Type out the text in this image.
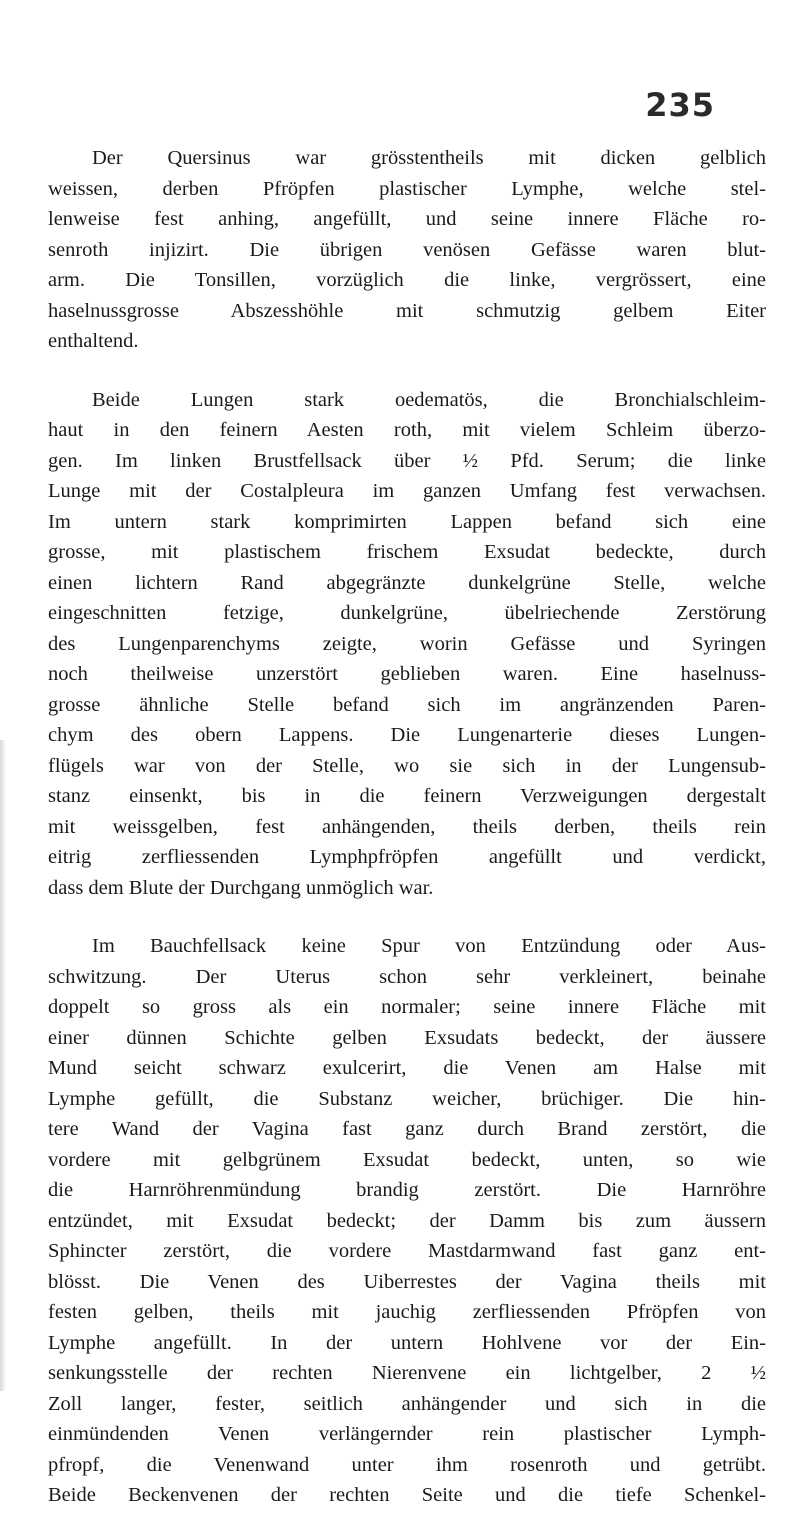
235

Der Quersinus war grösstentheils mit dicken gelblich
weissen, derben Pfröpfen plastischer Lymphe, welche stel-
lenweise fest anhing, angefüllt, und seine innere Fläche ro-
senroth injizirt. Die übrigen venösen Gefässe waren blut-
arm. Die Tonsillen, vorzüglich die linke, vergrössert, eine
haselnussgrosse Abszesshöhle mit schmutzig gelbem Eiter
enthaltend.

Beide Lungen stark oedematös, die Bronchialschleim-
haut in den feinern Aesten roth, mit vielem Schleim überzo-
gen. Im linken Brustfellsack über ½ Pfd. Serum; die linke
Lunge mit der Costalpleura im ganzen Umfang fest verwachsen.
Im untern stark komprimirten Lappen befand sich eine
grosse, mit plastischem frischem Exsudat bedeckte, durch
einen lichtern Rand abgegränzte dunkelgrüne Stelle, welche
eingeschnitten fetzige, dunkelgrüne, übelriechende Zerstörung
des Lungenparenchyms zeigte, worin Gefässe und Syringen
noch theilweise unzerstört geblieben waren. Eine haselnuss-
grosse ähnliche Stelle befand sich im angränzenden Paren-
chym des obern Lappens. Die Lungenarterie dieses Lungen-
flügels war von der Stelle, wo sie sich in der Lungensub-
stanz einsenkt, bis in die feinern Verzweigungen dergestalt
mit weissgelben, fest anhängenden, theils derben, theils rein
eitrig zerfliessenden Lymphpfröpfen angefüllt und verdickt,
dass dem Blute der Durchgang unmöglich war.

Im Bauchfellsack keine Spur von Entzündung oder Aus-
schwitzung. Der Uterus schon sehr verkleinert, beinahe
doppelt so gross als ein normaler; seine innere Fläche mit
einer dünnen Schichte gelben Exsudats bedeckt, der äussere
Mund seicht schwarz exulcerirt, die Venen am Halse mit
Lymphe gefüllt, die Substanz weicher, brüchiger. Die hin-
tere Wand der Vagina fast ganz durch Brand zerstört, die
vordere mit gelbgrünem Exsudat bedeckt, unten, so wie
die Harnröhrenmündung brandig zerstört. Die Harnröhre
entzündet, mit Exsudat bedeckt; der Damm bis zum äussern
Sphincter zerstört, die vordere Mastdarmwand fast ganz ent-
blösst. Die Venen des Uiberrestes der Vagina theils mit
festen gelben, theils mit jauchig zerfliessenden Pfröpfen von
Lymphe angefüllt. In der untern Hohlvene vor der Ein-
senkungsstelle der rechten Nierenvene ein lichtgelber, 2 ½
Zoll langer, fester, seitlich anhängender und sich in die
einmündenden Venen verlängernder rein plastischer Lymph-
pfropf, die Venenwand unter ihm rosenroth und getrübt.
Beide Beckenvenen der rechten Seite und die tiefe Schenkel-
